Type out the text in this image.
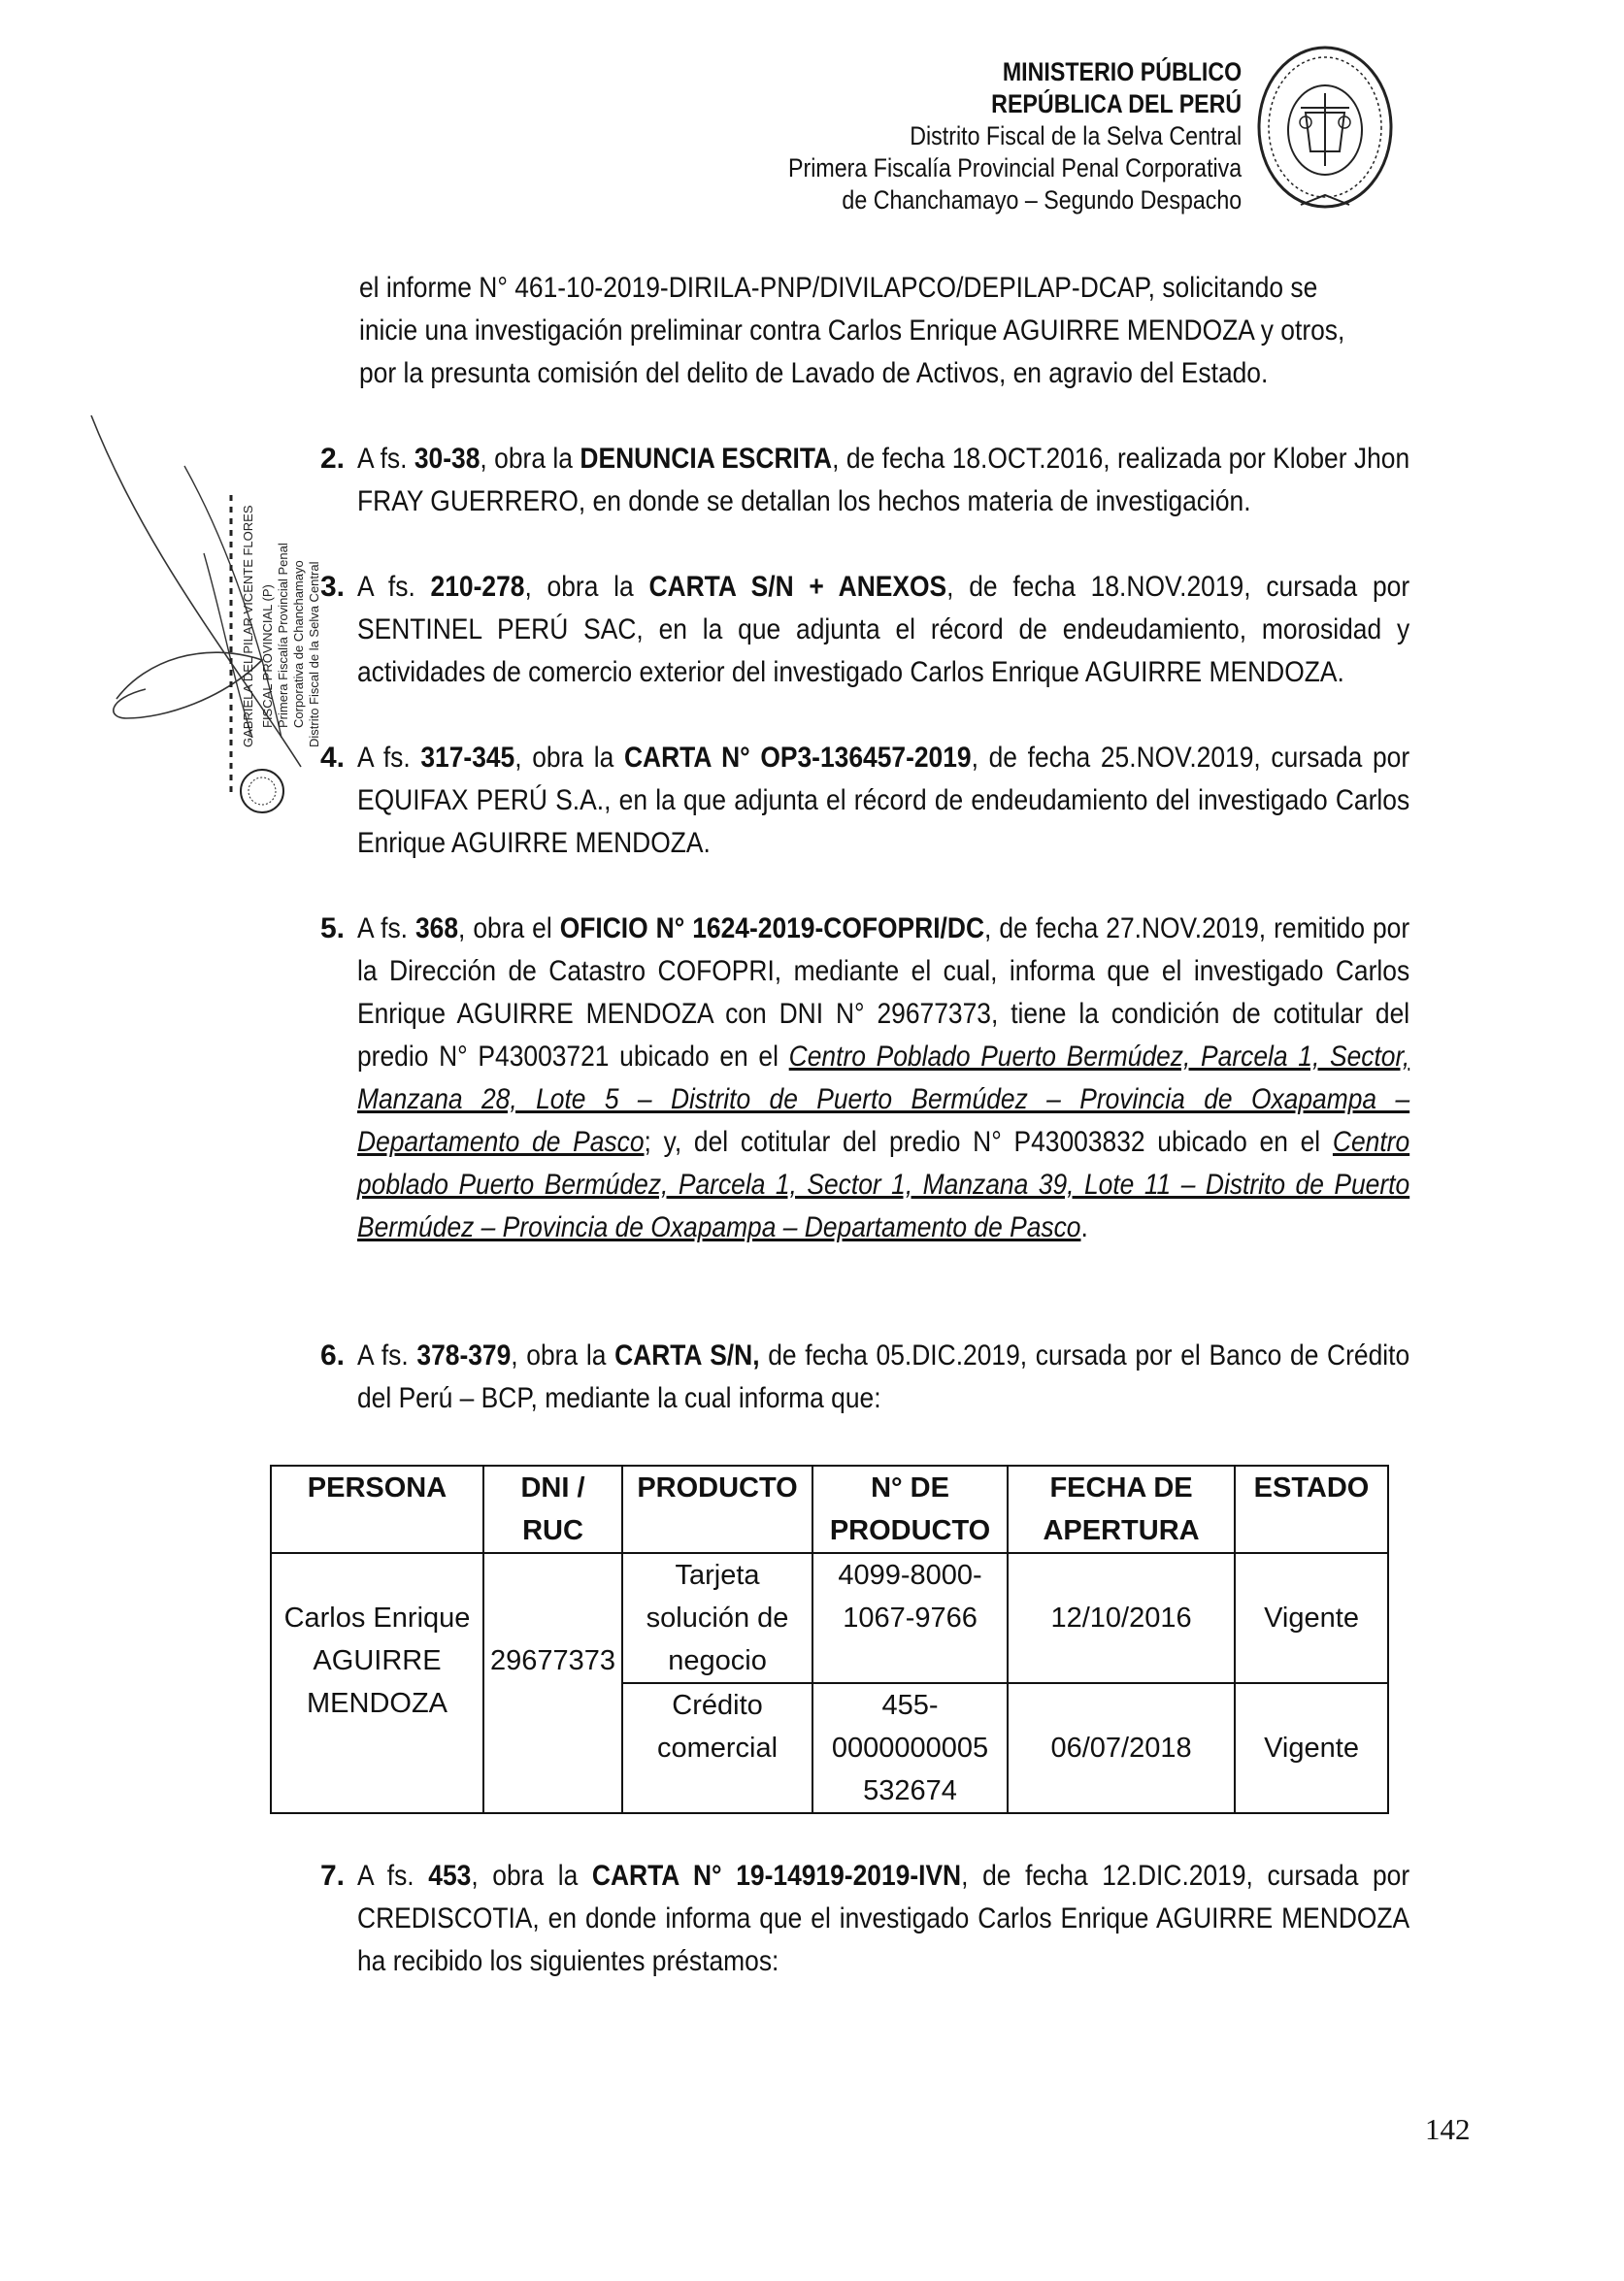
MINISTERIO PÚBLICO
REPÚBLICA DEL PERÚ
Distrito Fiscal de la Selva Central
Primera Fiscalía Provincial Penal Corporativa
de Chanchamayo – Segundo Despacho

el informe N° 461-10-2019-DIRILA-PNP/DIVILAPCO/DEPILAP-DCAP, solicitando se

inicie una investigación preliminar contra Carlos Enrique AGUIRRE MENDOZA y otros,

por la presunta comisión del delito de Lavado de Activos, en agravio del Estado.

2. A fs. 30-38, obra la DENUNCIA ESCRITA, de fecha 18.OCT.2016, realizada por Klober Jhon FRAY GUERRERO, en donde se detallan los hechos materia de investigación.
3. A fs. 210-278, obra la CARTA S/N + ANEXOS, de fecha 18.NOV.2019, cursada por SENTINEL PERÚ SAC, en la que adjunta el récord de endeudamiento, morosidad y actividades de comercio exterior del investigado Carlos Enrique AGUIRRE MENDOZA.
4. A fs. 317-345, obra la CARTA N° OP3-136457-2019, de fecha 25.NOV.2019, cursada por EQUIFAX PERÚ S.A., en la que adjunta el récord de endeudamiento del investigado Carlos Enrique AGUIRRE MENDOZA.
5. A fs. 368, obra el OFICIO N° 1624-2019-COFOPRI/DC, de fecha 27.NOV.2019, remitido por la Dirección de Catastro COFOPRI, mediante el cual, informa que el investigado Carlos Enrique AGUIRRE MENDOZA con DNI N° 29677373, tiene la condición de cotitular del predio N° P43003721 ubicado en el Centro Poblado Puerto Bermúdez, Parcela 1, Sector, Manzana 28, Lote 5 – Distrito de Puerto Bermúdez – Provincia de Oxapampa – Departamento de Pasco; y, del cotitular del predio N° P43003832 ubicado en el Centro poblado Puerto Bermúdez, Parcela 1, Sector 1, Manzana 39, Lote 11 – Distrito de Puerto Bermúdez – Provincia de Oxapampa – Departamento de Pasco.
6. A fs. 378-379, obra la CARTA S/N, de fecha 05.DIC.2019, cursada por el Banco de Crédito del Perú – BCP, mediante la cual informa que:
PERSONA	DNI / RUC	PRODUCTO	N° DE PRODUCTO	FECHA DE APERTURA	ESTADO
Carlos Enrique AGUIRRE MENDOZA	29677373	Tarjeta solución de negocio	4099-8000-1067-9766	12/10/2016	Vigente
		Crédito comercial	455-0000000005 532674	06/07/2018	Vigente
7. A fs. 453, obra la CARTA N° 19-14919-2019-IVN, de fecha 12.DIC.2019, cursada por CREDISCOTIA, en donde informa que el investigado Carlos Enrique AGUIRRE MENDOZA ha recibido los siguientes préstamos:
GABRIELA DEL PILAR VICENTE FLORES FISCAL PROVINCIAL (P) Primera Fiscalía Provincial Penal Corporativa de Chanchamayo Distrito Fiscal de la Selva Central
142
